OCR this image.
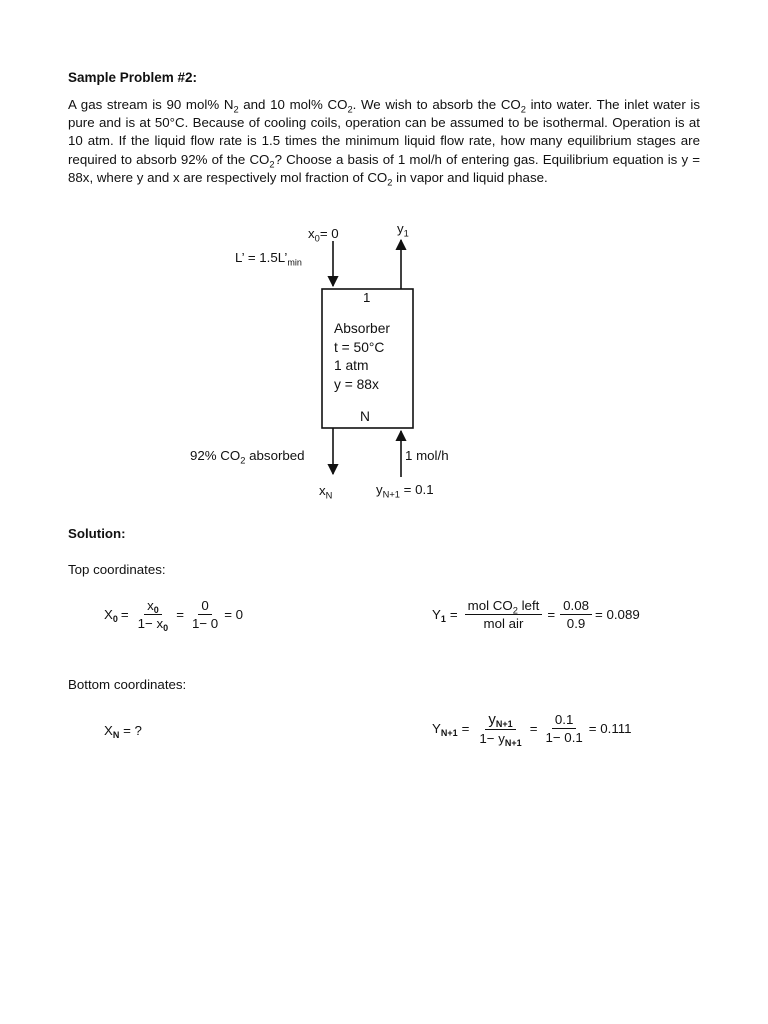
Sample Problem #2:
A gas stream is 90 mol% $N_2$ and 10 mol% $CO_2$. We wish to absorb the $CO_2$ into water. The inlet water is pure and is at 50°C. Because of cooling coils, operation can be assumed to be isothermal. Operation is at 10 atm. If the liquid flow rate is 1.5 times the minimum liquid flow rate, how many equilibrium stages are required to absorb 92% of the $CO_2$? Choose a basis of 1 mol/h of entering gas. Equilibrium equation is y = 88x, where y and x are respectively mol fraction of $CO_2$ in vapor and liquid phase.
$x_0= 0$	$y_1$
L’ = $1.5L’_{min}$
1
Absorber
t = 50°C
1 atm
y = 88x
N
92% $CO_2$ absorbed	1 mol/h
$x_N$	$y_{N+1} = 0.1$
Solution:
Top coordinates:
$X_0 = \frac{x_0}{1- x_0} = \frac{0}{1- 0} = 0$	$Y_1 = \frac{mol CO_2 left}{\text{mol air}} = \frac{0.08}{0.9} = 0.089$
Bottom coordinates:
$X_N$ = ?	$Y_{N+1} = \frac{y_{N+1}}{1- y_{N+1}} = \frac{0.1}{1- 0.1} = 0.111$
